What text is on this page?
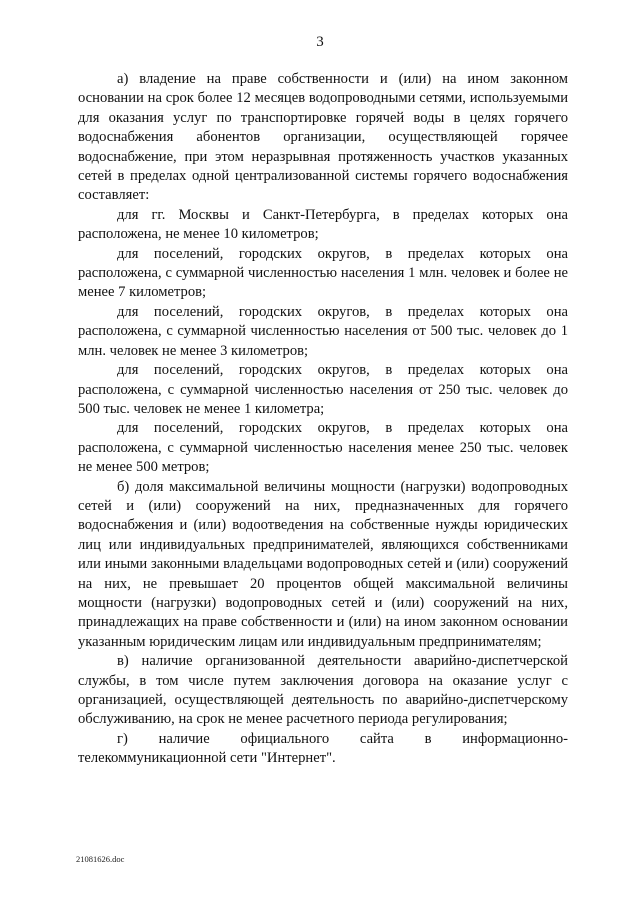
3

а) владение на праве собственности и (или) на ином законном основании на срок более 12 месяцев водопроводными сетями, используемыми для оказания услуг по транспортировке горячей воды в целях горячего водоснабжения абонентов организации, осуществляющей горячее водоснабжение, при этом неразрывная протяженность участков указанных сетей в пределах одной централизованной системы горячего водоснабжения составляет:

для гг. Москвы и Санкт-Петербурга, в пределах которых она расположена, не менее 10 километров;

для поселений, городских округов, в пределах которых она расположена, с суммарной численностью населения 1 млн. человек и более не менее 7 километров;

для поселений, городских округов, в пределах которых она расположена, с суммарной численностью населения от 500 тыс. человек до 1 млн. человек не менее 3 километров;

для поселений, городских округов, в пределах которых она расположена, с суммарной численностью населения от 250 тыс. человек до 500 тыс. человек не менее 1 километра;

для поселений, городских округов, в пределах которых она расположена, с суммарной численностью населения менее 250 тыс. человек не менее 500 метров;

б) доля максимальной величины мощности (нагрузки) водопроводных сетей и (или) сооружений на них, предназначенных для горячего водоснабжения и (или) водоотведения на собственные нужды юридических лиц или индивидуальных предпринимателей, являющихся собственниками или иными законными владельцами водопроводных сетей и (или) сооружений на них, не превышает 20 процентов общей максимальной величины мощности (нагрузки) водопроводных сетей и (или) сооружений на них, принадлежащих на праве собственности и (или) на ином законном основании указанным юридическим лицам или индивидуальным предпринимателям;

в) наличие организованной деятельности аварийно-диспетчерской службы, в том числе путем заключения договора на оказание услуг с организацией, осуществляющей деятельность по аварийно-диспетчерскому обслуживанию, на срок не менее расчетного периода регулирования;

г) наличие официального сайта в информационно-телекоммуникационной сети "Интернет".

21081626.doc
